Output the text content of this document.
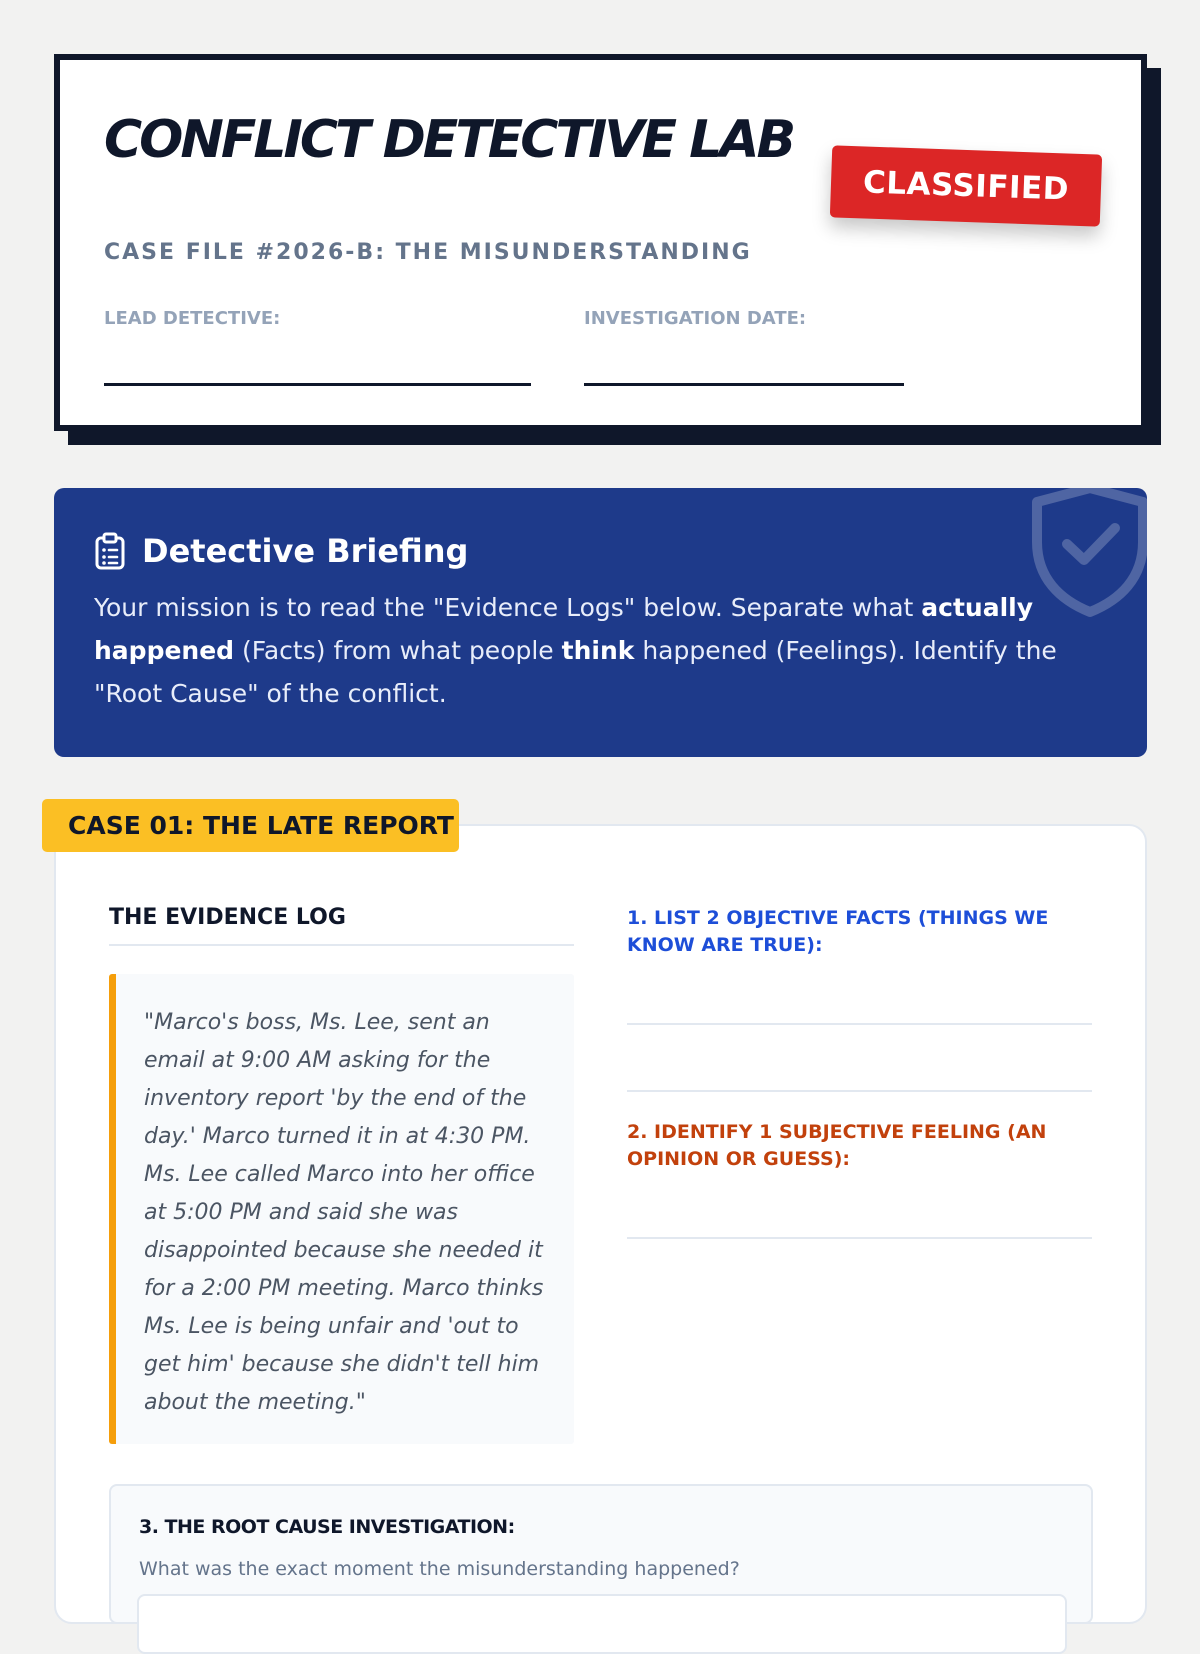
CONFLICT DETECTIVE LAB
CASE FILE #2026-B: THE MISUNDERSTANDING
CLASSIFIED
LEAD DETECTIVE:	INVESTIGATION DATE:
Detective Briefing
Your mission is to read the "Evidence Logs" below. Separate what actually happened (Facts) from what people think happened (Feelings). Identify the "Root Cause" of the conflict.
CASE 01: THE LATE REPORT
THE EVIDENCE LOG
"Marco's boss, Ms. Lee, sent an email at 9:00 AM asking for the inventory report 'by the end of the day.' Marco turned it in at 4:30 PM. Ms. Lee called Marco into her office at 5:00 PM and said she was disappointed because she needed it for a 2:00 PM meeting. Marco thinks Ms. Lee is being unfair and 'out to get him' because she didn't tell him about the meeting."
1. LIST 2 OBJECTIVE FACTS (THINGS WE KNOW ARE TRUE):
2. IDENTIFY 1 SUBJECTIVE FEELING (AN OPINION OR GUESS):
3. THE ROOT CAUSE INVESTIGATION:
What was the exact moment the misunderstanding happened?
